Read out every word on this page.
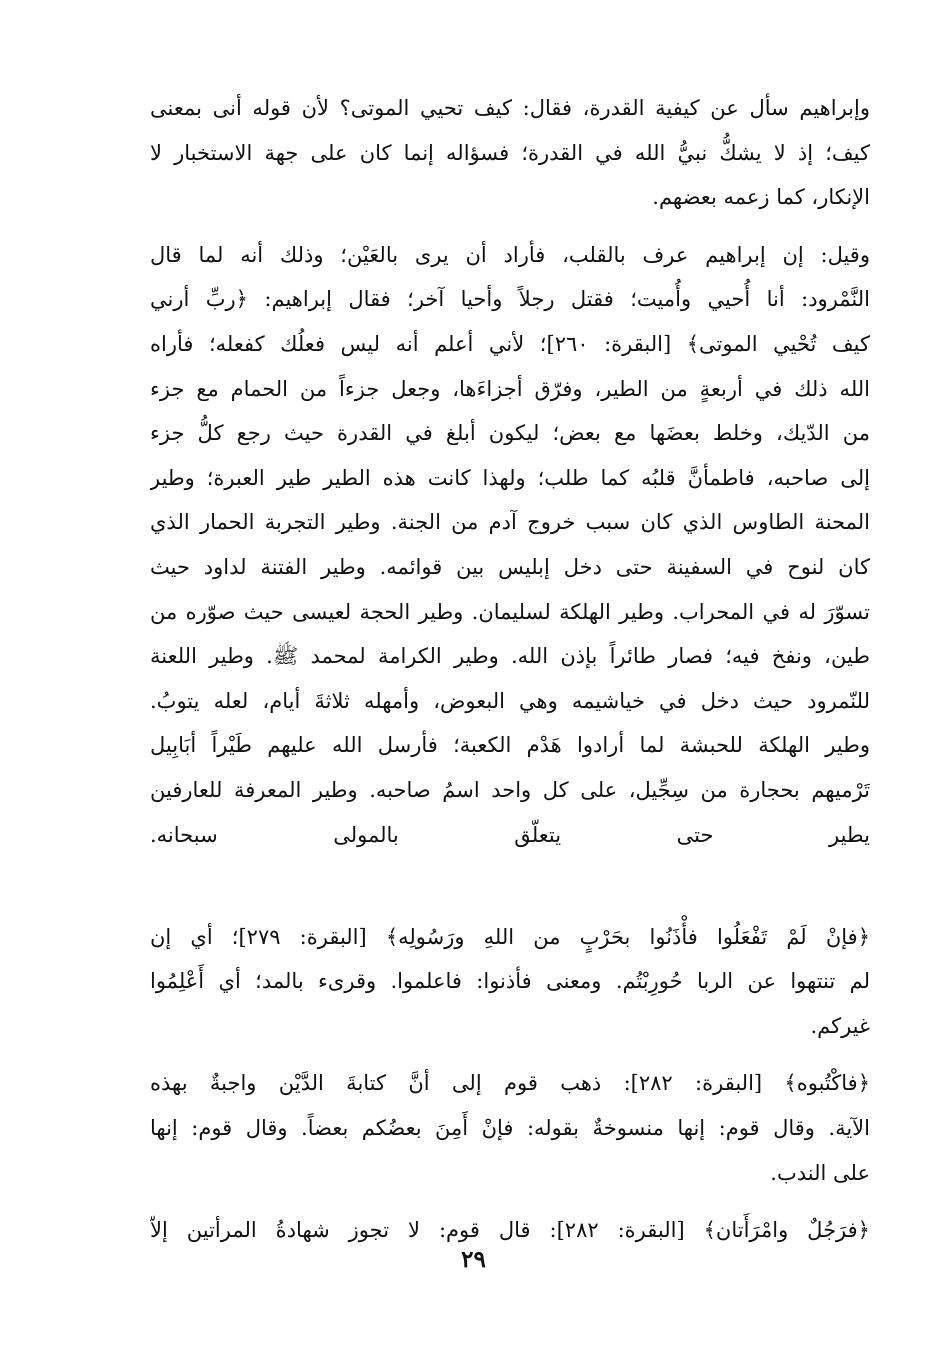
وإبراهيم سأل عن كيفية القدرة، فقال: كيف تحيي الموتى؟ لأن قوله أنى بمعنى
كيف؛ إذ لا يشكُّ نبيُّ الله في القدرة؛ فسؤاله إنما كان على جهة الاستخبار لا
الإنكار، كما زعمه بعضهم.
وقيل: إن إبراهيم عرف بالقلب، فأراد أن يرى بالعَيْن؛ وذلك أنه لما قال
النَّمْرود: أنا أُحيي وأُميت؛ فقتل رجلاً وأحيا آخر؛ فقال إبراهيم: ﴿ربِّ أرني
كيف تُحْيي الموتى﴾ [البقرة: ٢٦٠]؛ لأني أعلم أنه ليس فعلُك كفعله؛ فأراه
الله ذلك في أربعةٍ من الطير، وفرّق أجزاءَها، وجعل جزءاً من الحمام مع جزء
من الدّيك، وخلط بعضَها مع بعض؛ ليكون أبلغ في القدرة حيث رجع كلُّ جزء
إلى صاحبه، فاطمأنَّ قلبُه كما طلب؛ ولهذا كانت هذه الطير طير العبرة؛ وطير
المحنة الطاوس الذي كان سبب خروج آدم من الجنة. وطير التجربة الحمار الذي
كان لنوح في السفينة حتى دخل إبليس بين قوائمه. وطير الفتنة لداود حيث
تسوّرَ له في المحراب. وطير الهلكة لسليمان. وطير الحجة لعيسى حيث صوّره من
طين، ونفخ فيه؛ فصار طائراً بإذن الله. وطير الكرامة لمحمد ﷺ. وطير اللعنة
للنّمرود حيث دخل في خياشيمه وهي البعوض، وأمهله ثلاثةَ أيام، لعله يتوبُ.
وطير الهلكة للحبشة لما أرادوا هَدْم الكعبة؛ فأرسل الله عليهم طَيْراً أبَابِيل
تَرْميهم بحجارة من سِجِّيل، على كل واحد اسمُ صاحبه. وطير المعرفة للعارفين
يطير حتى يتعلّق بالمولى سبحانه.
﴿فإنْ لَمْ تَفْعَلُوا فأْذَنُوا بحَرْبٍ من اللهِ ورَسُولِه﴾ [البقرة: ٢٧٩]؛ أي إن
لم تنتهوا عن الربا حُورِبْتُم. ومعنى فأذنوا: فاعلموا. وقرىء بالمد؛ أي أَعْلِمُوا
غيركم.
﴿فاكْتُبوه﴾ [البقرة: ٢٨٢]: ذهب قوم إلى أنَّ كتابةَ الدَّيْن واجبةٌ بهذه
الآية. وقال قوم: إنها منسوخةٌ بقوله: فإنْ أَمِنَ بعضُكم بعضاً. وقال قوم: إنها
على الندب.
﴿فرَجُلٌ وامْرَأَتان﴾ [البقرة: ٢٨٢]: قال قوم: لا تجوز شهادةُ المرأتين إلاّ
٢٩
